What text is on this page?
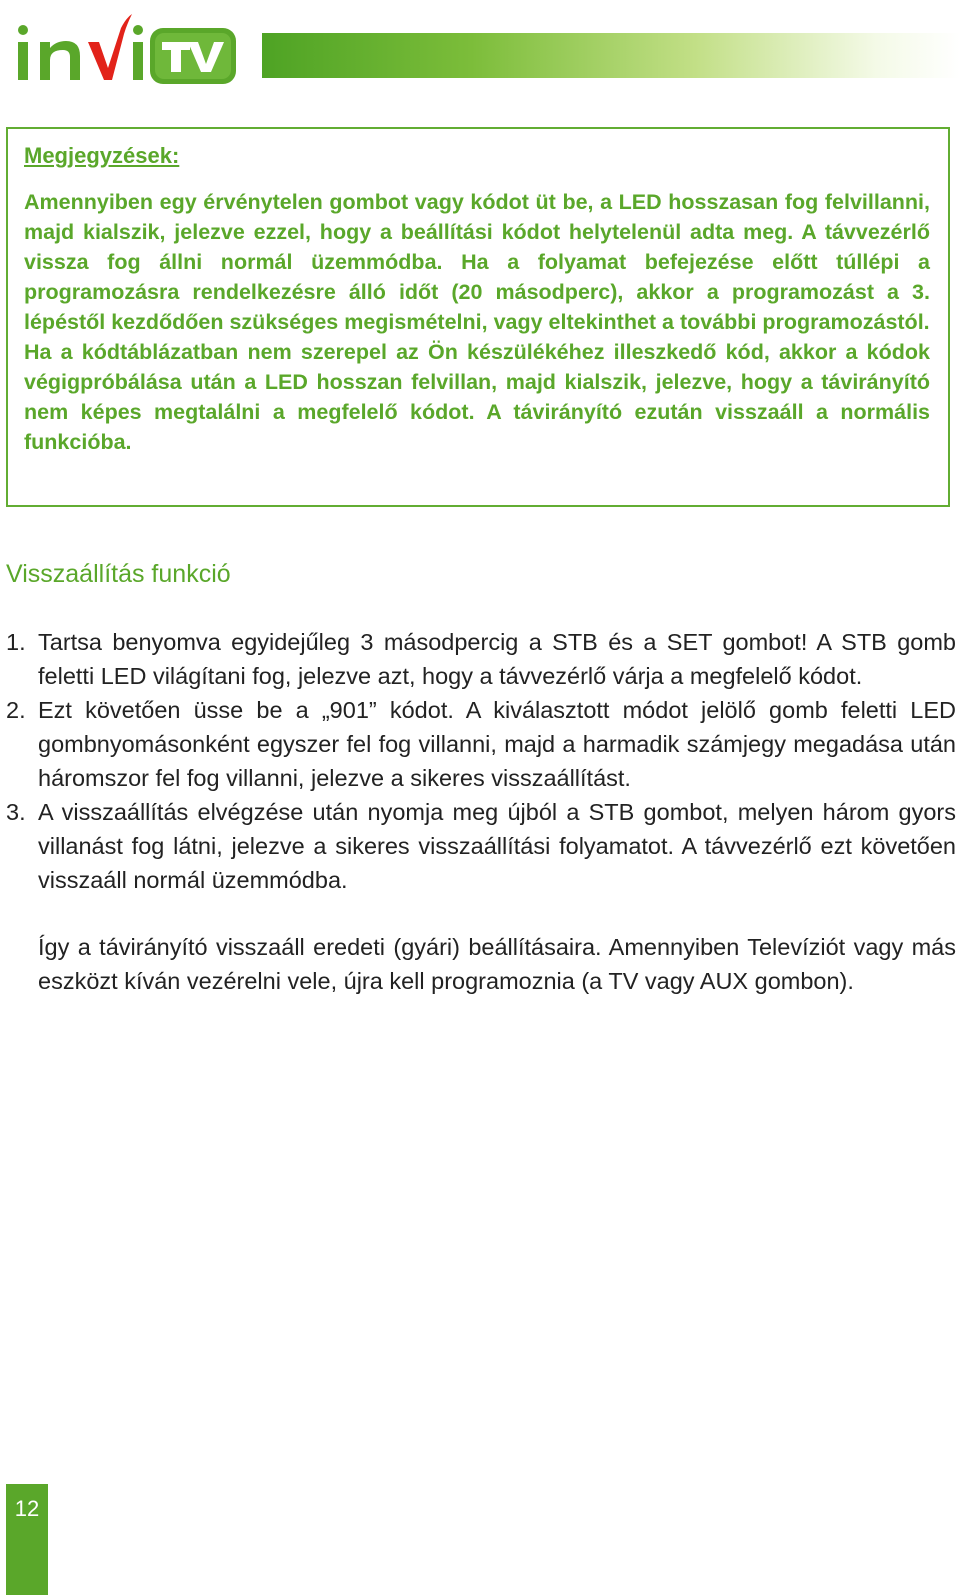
Megjegyzések:

Amennyiben egy érvénytelen gombot vagy kódot üt be, a LED hosszasan fog felvillanni, majd kialszik, jelezve ezzel, hogy a beállítási kódot helytelenül adta meg. A távvezérlő vissza fog állni normál üzemmódba. Ha a folyamat befejezése előtt túllépi a programozásra rendelkezésre álló időt (20 másodperc), akkor a programozást a 3. lépéstől kezdődően szükséges megismételni, vagy eltekinthet a további programozástól.

Ha a kódtáblázatban nem szerepel az Ön készülékéhez illeszkedő kód, akkor a kódok végigpróbálása után a LED hosszan felvillan, majd kialszik, jelezve, hogy a távirányító nem képes megtalálni a megfelelő kódot. A távirányító ezután visszaáll a normális funkcióba.

Visszaállítás funkció
1. Tartsa benyomva egyidejűleg 3 másodpercig a STB és a SET gombot! A STB gomb feletti LED világítani fog, jelezve azt, hogy a távvezérlő várja a megfelelő kódot.
2. Ezt követően üsse be a „901” kódot. A kiválasztott módot jelölő gomb feletti LED gombnyomásonként egyszer fel fog villanni, majd a harmadik számjegy megadása után háromszor fel fog villanni, jelezve a sikeres visszaállítást.
3. A visszaállítás elvégzése után nyomja meg újból a STB gombot, melyen három gyors villanást fog látni, jelezve a sikeres visszaállítási folyamatot. A távvezérlő ezt követően visszaáll normál üzemmódba.

Így a távirányító visszaáll eredeti (gyári) beállításaira. Amennyiben Televíziót vagy más eszközt kíván vezérelni vele, újra kell programoznia (a TV vagy AUX gombon).

12
